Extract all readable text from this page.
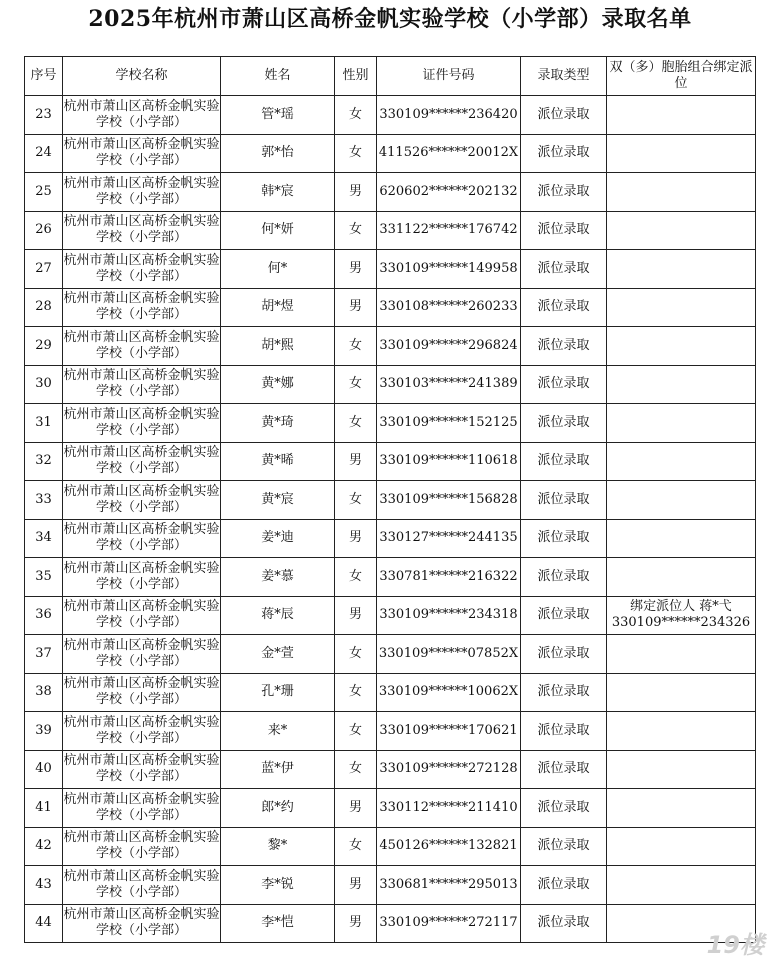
2025年杭州市萧山区高桥金帆实验学校（小学部）录取名单
序号	学校名称	姓名	性别	证件号码	录取类型	双（多）胞胎组合绑定派位
23	杭州市萧山区高桥金帆实验学校（小学部）	管*瑶	女	330109******236420	派位录取	
24	杭州市萧山区高桥金帆实验学校（小学部）	郭*怡	女	411526******20012X	派位录取	
25	杭州市萧山区高桥金帆实验学校（小学部）	韩*宸	男	620602******202132	派位录取	
26	杭州市萧山区高桥金帆实验学校（小学部）	何*妍	女	331122******176742	派位录取	
27	杭州市萧山区高桥金帆实验学校（小学部）	何*	男	330109******149958	派位录取	
28	杭州市萧山区高桥金帆实验学校（小学部）	胡*煜	男	330108******260233	派位录取	
29	杭州市萧山区高桥金帆实验学校（小学部）	胡*熙	女	330109******296824	派位录取	
30	杭州市萧山区高桥金帆实验学校（小学部）	黄*娜	女	330103******241389	派位录取	
31	杭州市萧山区高桥金帆实验学校（小学部）	黄*琦	女	330109******152125	派位录取	
32	杭州市萧山区高桥金帆实验学校（小学部）	黄*晞	男	330109******110618	派位录取	
33	杭州市萧山区高桥金帆实验学校（小学部）	黄*宸	女	330109******156828	派位录取	
34	杭州市萧山区高桥金帆实验学校（小学部）	姜*迪	男	330127******244135	派位录取	
35	杭州市萧山区高桥金帆实验学校（小学部）	姜*慕	女	330781******216322	派位录取	
36	杭州市萧山区高桥金帆实验学校（小学部）	蒋*辰	男	330109******234318	派位录取	绑定派位人 蒋*弋 330109******234326
37	杭州市萧山区高桥金帆实验学校（小学部）	金*萱	女	330109******07852X	派位录取	
38	杭州市萧山区高桥金帆实验学校（小学部）	孔*珊	女	330109******10062X	派位录取	
39	杭州市萧山区高桥金帆实验学校（小学部）	来*	女	330109******170621	派位录取	
40	杭州市萧山区高桥金帆实验学校（小学部）	蓝*伊	女	330109******272128	派位录取	
41	杭州市萧山区高桥金帆实验学校（小学部）	郎*约	男	330112******211410	派位录取	
42	杭州市萧山区高桥金帆实验学校（小学部）	黎*	女	450126******132821	派位录取	
43	杭州市萧山区高桥金帆实验学校（小学部）	李*锐	男	330681******295013	派位录取	
44	杭州市萧山区高桥金帆实验学校（小学部）	李*恺	男	330109******272117	派位录取	
19楼
